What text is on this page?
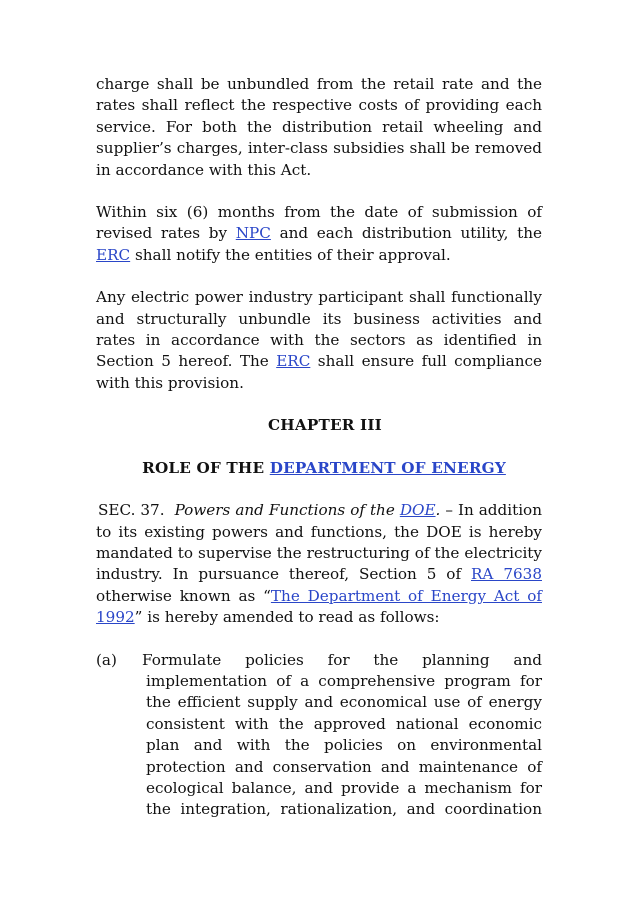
charge shall be unbundled from the retail rate and the rates shall reflect the respective costs of providing each service. For both the distribution retail wheeling and supplier’s charges, inter-class subsidies shall be removed in accordance with this Act.

Within six (6) months from the date of submission of revised rates by NPC and each distribution utility, the ERC shall notify the entities of their approval.

Any electric power industry participant shall functionally and structurally unbundle its business activities and rates in accordance with the sectors as identified in Section 5 hereof. The ERC shall ensure full compliance with this provision.

CHAPTER III

ROLE OF THE DEPARTMENT OF ENERGY

SEC. 37. Powers and Functions of the DOE. – In addition to its existing powers and functions, the DOE is hereby mandated to supervise the restructuring of the electricity industry. In pursuance thereof, Section 5 of RA 7638 otherwise known as “The Department of Energy Act of 1992” is hereby amended to read as follows:

(a) Formulate policies for the planning and

implementation of a comprehensive program for the efficient supply and economical use of energy consistent with the approved national economic plan and with the policies on environmental protection and conservation and maintenance of ecological balance, and provide a mechanism for the integration, rationalization, and coordination
